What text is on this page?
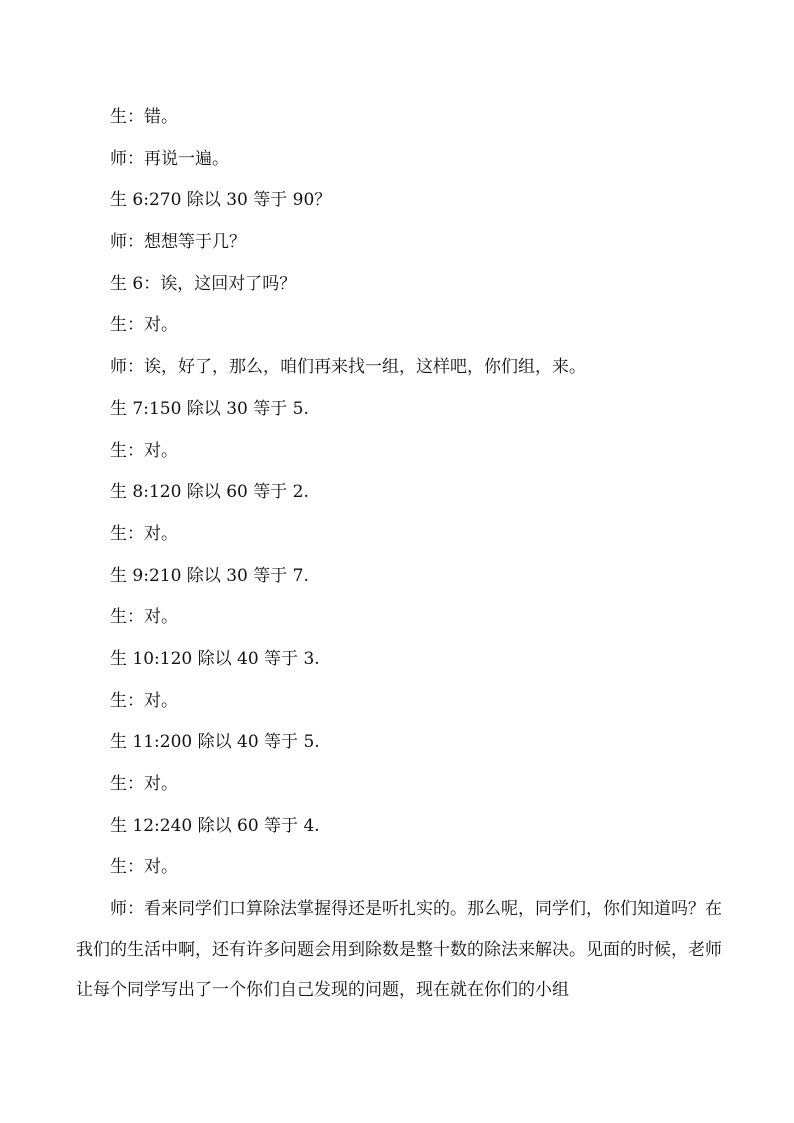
生：错。

师：再说一遍。

生 6:270 除以 30 等于 90？

师：想想等于几？

生 6：诶，这回对了吗？

生：对。

师：诶，好了，那么，咱们再来找一组，这样吧，你们组，来。

生 7:150 除以 30 等于 5.

生：对。

生 8:120 除以 60 等于 2.

生：对。

生 9:210 除以 30 等于 7.

生：对。

生 10:120 除以 40 等于 3.

生：对。

生 11:200 除以 40 等于 5.

生：对。

生 12:240 除以 60 等于 4.

生：对。

师：看来同学们口算除法掌握得还是听扎实的。那么呢，同学们，你们知道吗？在我们的生活中啊，还有许多问题会用到除数是整十数的除法来解决。见面的时候，老师让每个同学写出了一个你们自己发现的问题，现在就在你们的小组
